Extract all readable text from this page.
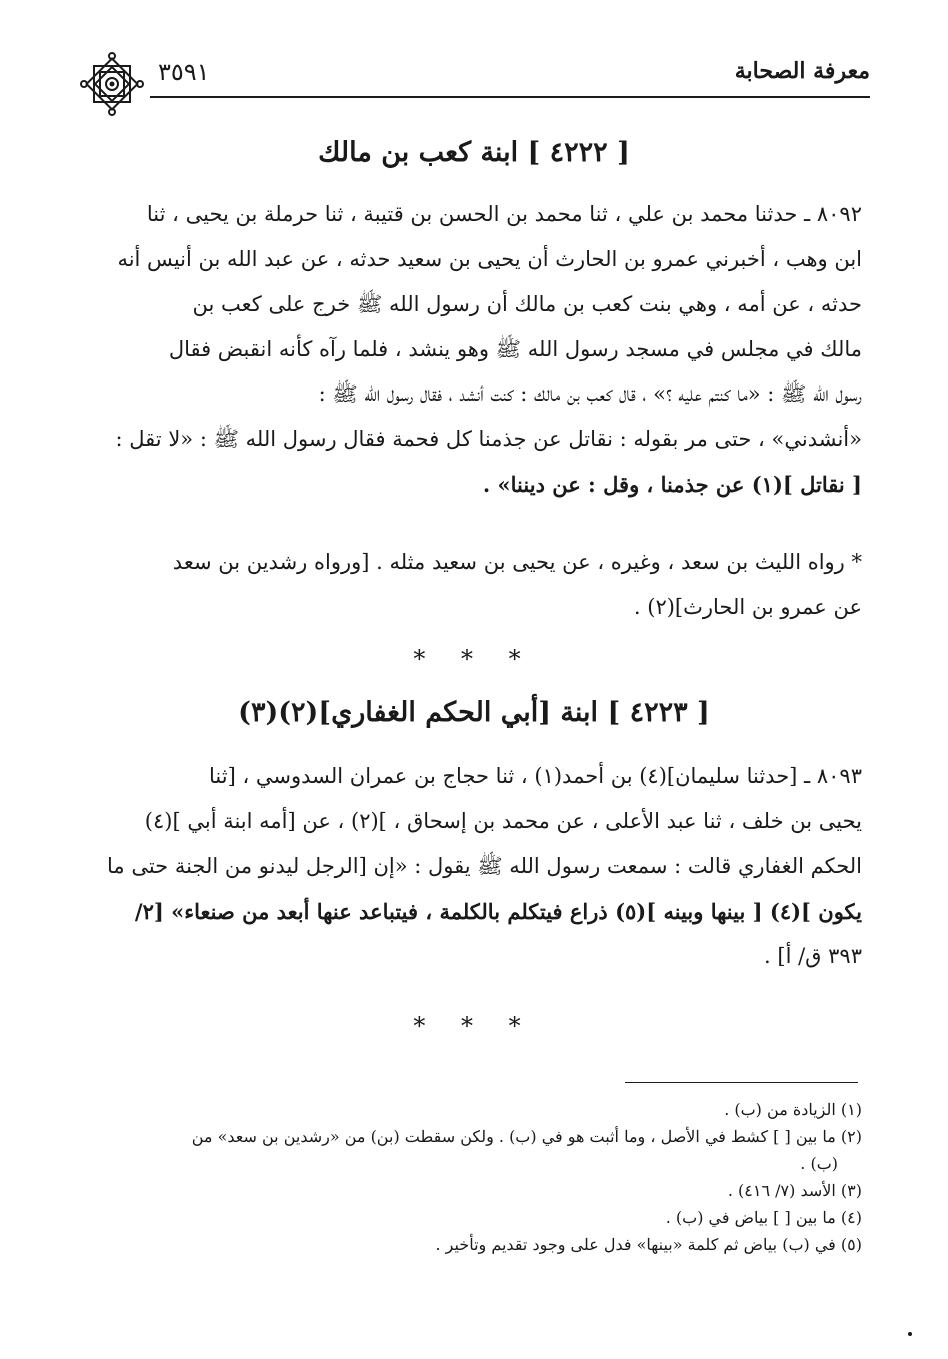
معرفة الصحابة
٣٥٩١
[ ٤٢٢٢ ] ابنة كعب بن مالك

٨٠٩٢ ـ حدثنا محمد بن علي ، ثنا محمد بن الحسن بن قتيبة ، ثنا حرملة بن يحيى ، ثنا

ابن وهب ، أخبرني عمرو بن الحارث أن يحيى بن سعيد حدثه ، عن عبد الله بن أنيس أنه

حدثه ، عن أمه ، وهي بنت كعب بن مالك أن رسول الله ﷺ خرج على كعب بن

مالك في مجلس في مسجد رسول الله ﷺ وهو ينشد ، فلما رآه كأنه انقبض فقال

رسول الله ﷺ : «ما كنتم عليه ؟» ، قال كعب بن مالك : كنت أنشد ، فقال رسول الله ﷺ :

«أنشدني» ، حتى مر بقوله : نقاتل عن جذمنا كل فحمة فقال رسول الله ﷺ : «لا تقل :

[ نقاتل ](١) عن جذمنا ، وقل : عن ديننا» .

* رواه الليث بن سعد ، وغيره ، عن يحيى بن سعيد مثله . [ورواه رشدين بن سعد

عن عمرو بن الحارث](٢) .

* * *
[ ٤٢٢٣ ] ابنة [أبي الحكم الغفاري](٢)(٣)

٨٠٩٣ ـ [حدثنا سليمان](٤) بن أحمد(١) ، ثنا حجاج بن عمران السدوسي ، [ثنا

يحيى بن خلف ، ثنا عبد الأعلى ، عن محمد بن إسحاق ، ](٢) ، عن [أمه ابنة أبي ](٤)

الحكم الغفاري قالت : سمعت رسول الله ﷺ يقول : «إن [الرجل ليدنو من الجنة حتى ما

يكون ](٤) [ بينها وبينه ](٥) ذراع فيتكلم بالكلمة ، فيتباعد عنها أبعد من صنعاء» [٢/

٣٩٣ ق/ أ] .

* * *

(١) الزيادة من (ب) .

(٢) ما بين [ ] كشط في الأصل ، وما أثبت هو في (ب) . ولكن سقطت (بن) من «رشدين بن سعد» من

(ب) .

(٣) الأسد (٧/ ٤١٦) .

(٤) ما بين [ ] بياض في (ب) .

(٥) في (ب) بياض ثم كلمة «بينها» فدل على وجود تقديم وتأخير .
